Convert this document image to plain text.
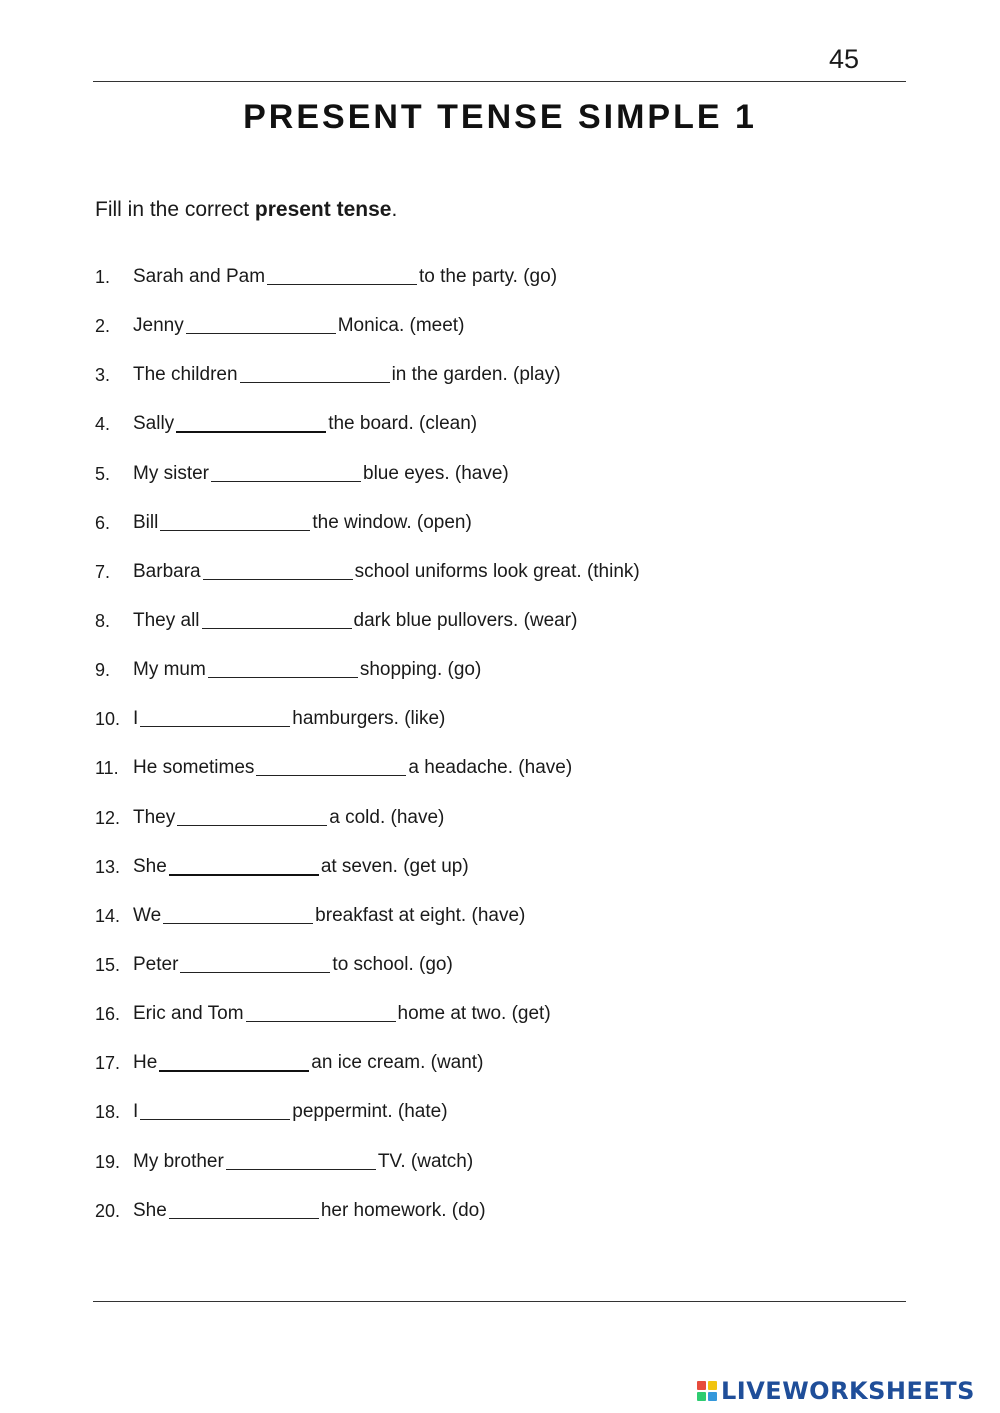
45
PRESENT TENSE SIMPLE 1

Fill in the correct present tense.

1.	Sarah and Pam	to the party. (go)
2.	Jenny	Monica. (meet)
3.	The children	in the garden. (play)
4.	Sally	the board. (clean)
5.	My sister	blue eyes. (have)
6.	Bill	the window. (open)
7.	Barbara	school uniforms look great. (think)
8.	They all	dark blue pullovers. (wear)
9.	My mum	shopping. (go)
10. I	hamburgers. (like)
11. He sometimes	a headache. (have)
12. They	a cold. (have)
13. She	at seven. (get up)
14. We	breakfast at eight. (have)
15. Peter	to school. (go)
16. Eric and Tom	home at two. (get)
17. He	an ice cream. (want)
18. I	peppermint. (hate)
19. My brother	TV. (watch)
20. She	her homework. (do)
LIVEWORKSHEETS
